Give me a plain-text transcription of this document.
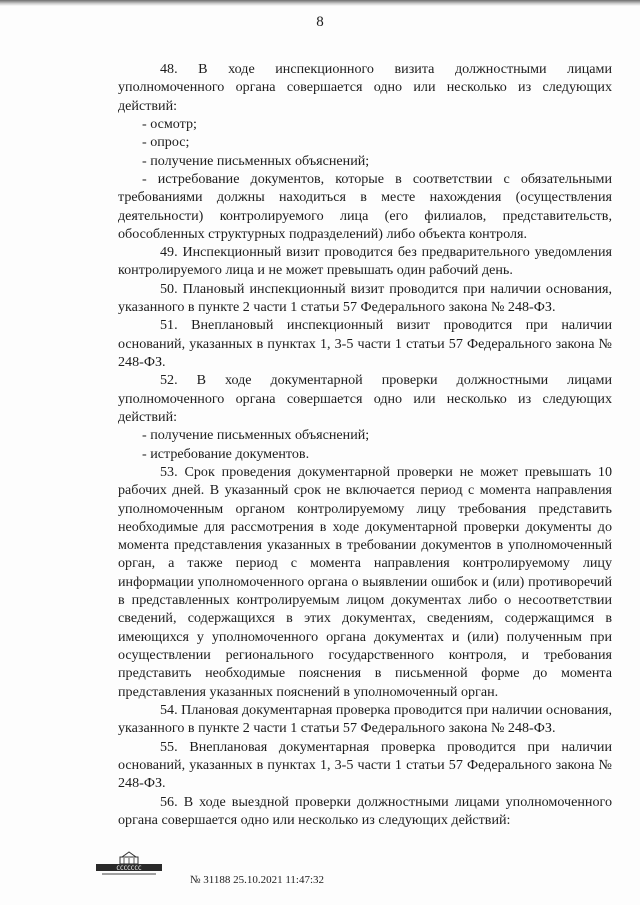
8

48. В ходе инспекционного визита должностными лицами уполномоченного органа совершается одно или несколько из следующих действий:

- осмотр;

- опрос;

- получение письменных объяснений;

- истребование документов, которые в соответствии с обязательными требованиями должны находиться в месте нахождения (осуществления деятельности) контролируемого лица (его филиалов, представительств, обособленных структурных подразделений) либо объекта контроля.

49. Инспекционный визит проводится без предварительного уведомления контролируемого лица и не может превышать один рабочий день.

50. Плановый инспекционный визит проводится при наличии основания, указанного в пункте 2 части 1 статьи 57 Федерального закона № 248-ФЗ.

51. Внеплановый инспекционный визит проводится при наличии оснований, указанных в пунктах 1, 3-5 части 1 статьи 57 Федерального закона № 248-ФЗ.

52. В ходе документарной проверки должностными лицами уполномоченного органа совершается одно или несколько из следующих действий:

- получение письменных объяснений;

- истребование документов.

53. Срок проведения документарной проверки не может превышать 10 рабочих дней. В указанный срок не включается период с момента направления уполномоченным органом контролируемому лицу требования представить необходимые для рассмотрения в ходе документарной проверки документы до момента представления указанных в требовании документов в уполномоченный орган, а также период с момента направления контролируемому лицу информации уполномоченного органа о выявлении ошибок и (или) противоречий в представленных контролируемым лицом документах либо о несоответствии сведений, содержащихся в этих документах, сведениям, содержащимся в имеющихся у уполномоченного органа документах и (или) полученным при осуществлении регионального государственного контроля, и требования представить необходимые пояснения в письменной форме до момента представления указанных пояснений в уполномоченный орган.

54. Плановая документарная проверка проводится при наличии основания, указанного в пункте 2 части 1 статьи 57 Федерального закона № 248-ФЗ.

55. Внеплановая документарная проверка проводится при наличии оснований, указанных в пунктах 1, 3-5 части 1 статьи 57 Федерального закона № 248-ФЗ.

56. В ходе выездной проверки должностными лицами уполномоченного органа совершается одно или несколько из следующих действий:

ССССССС
№ 31188 25.10.2021 11:47:32
